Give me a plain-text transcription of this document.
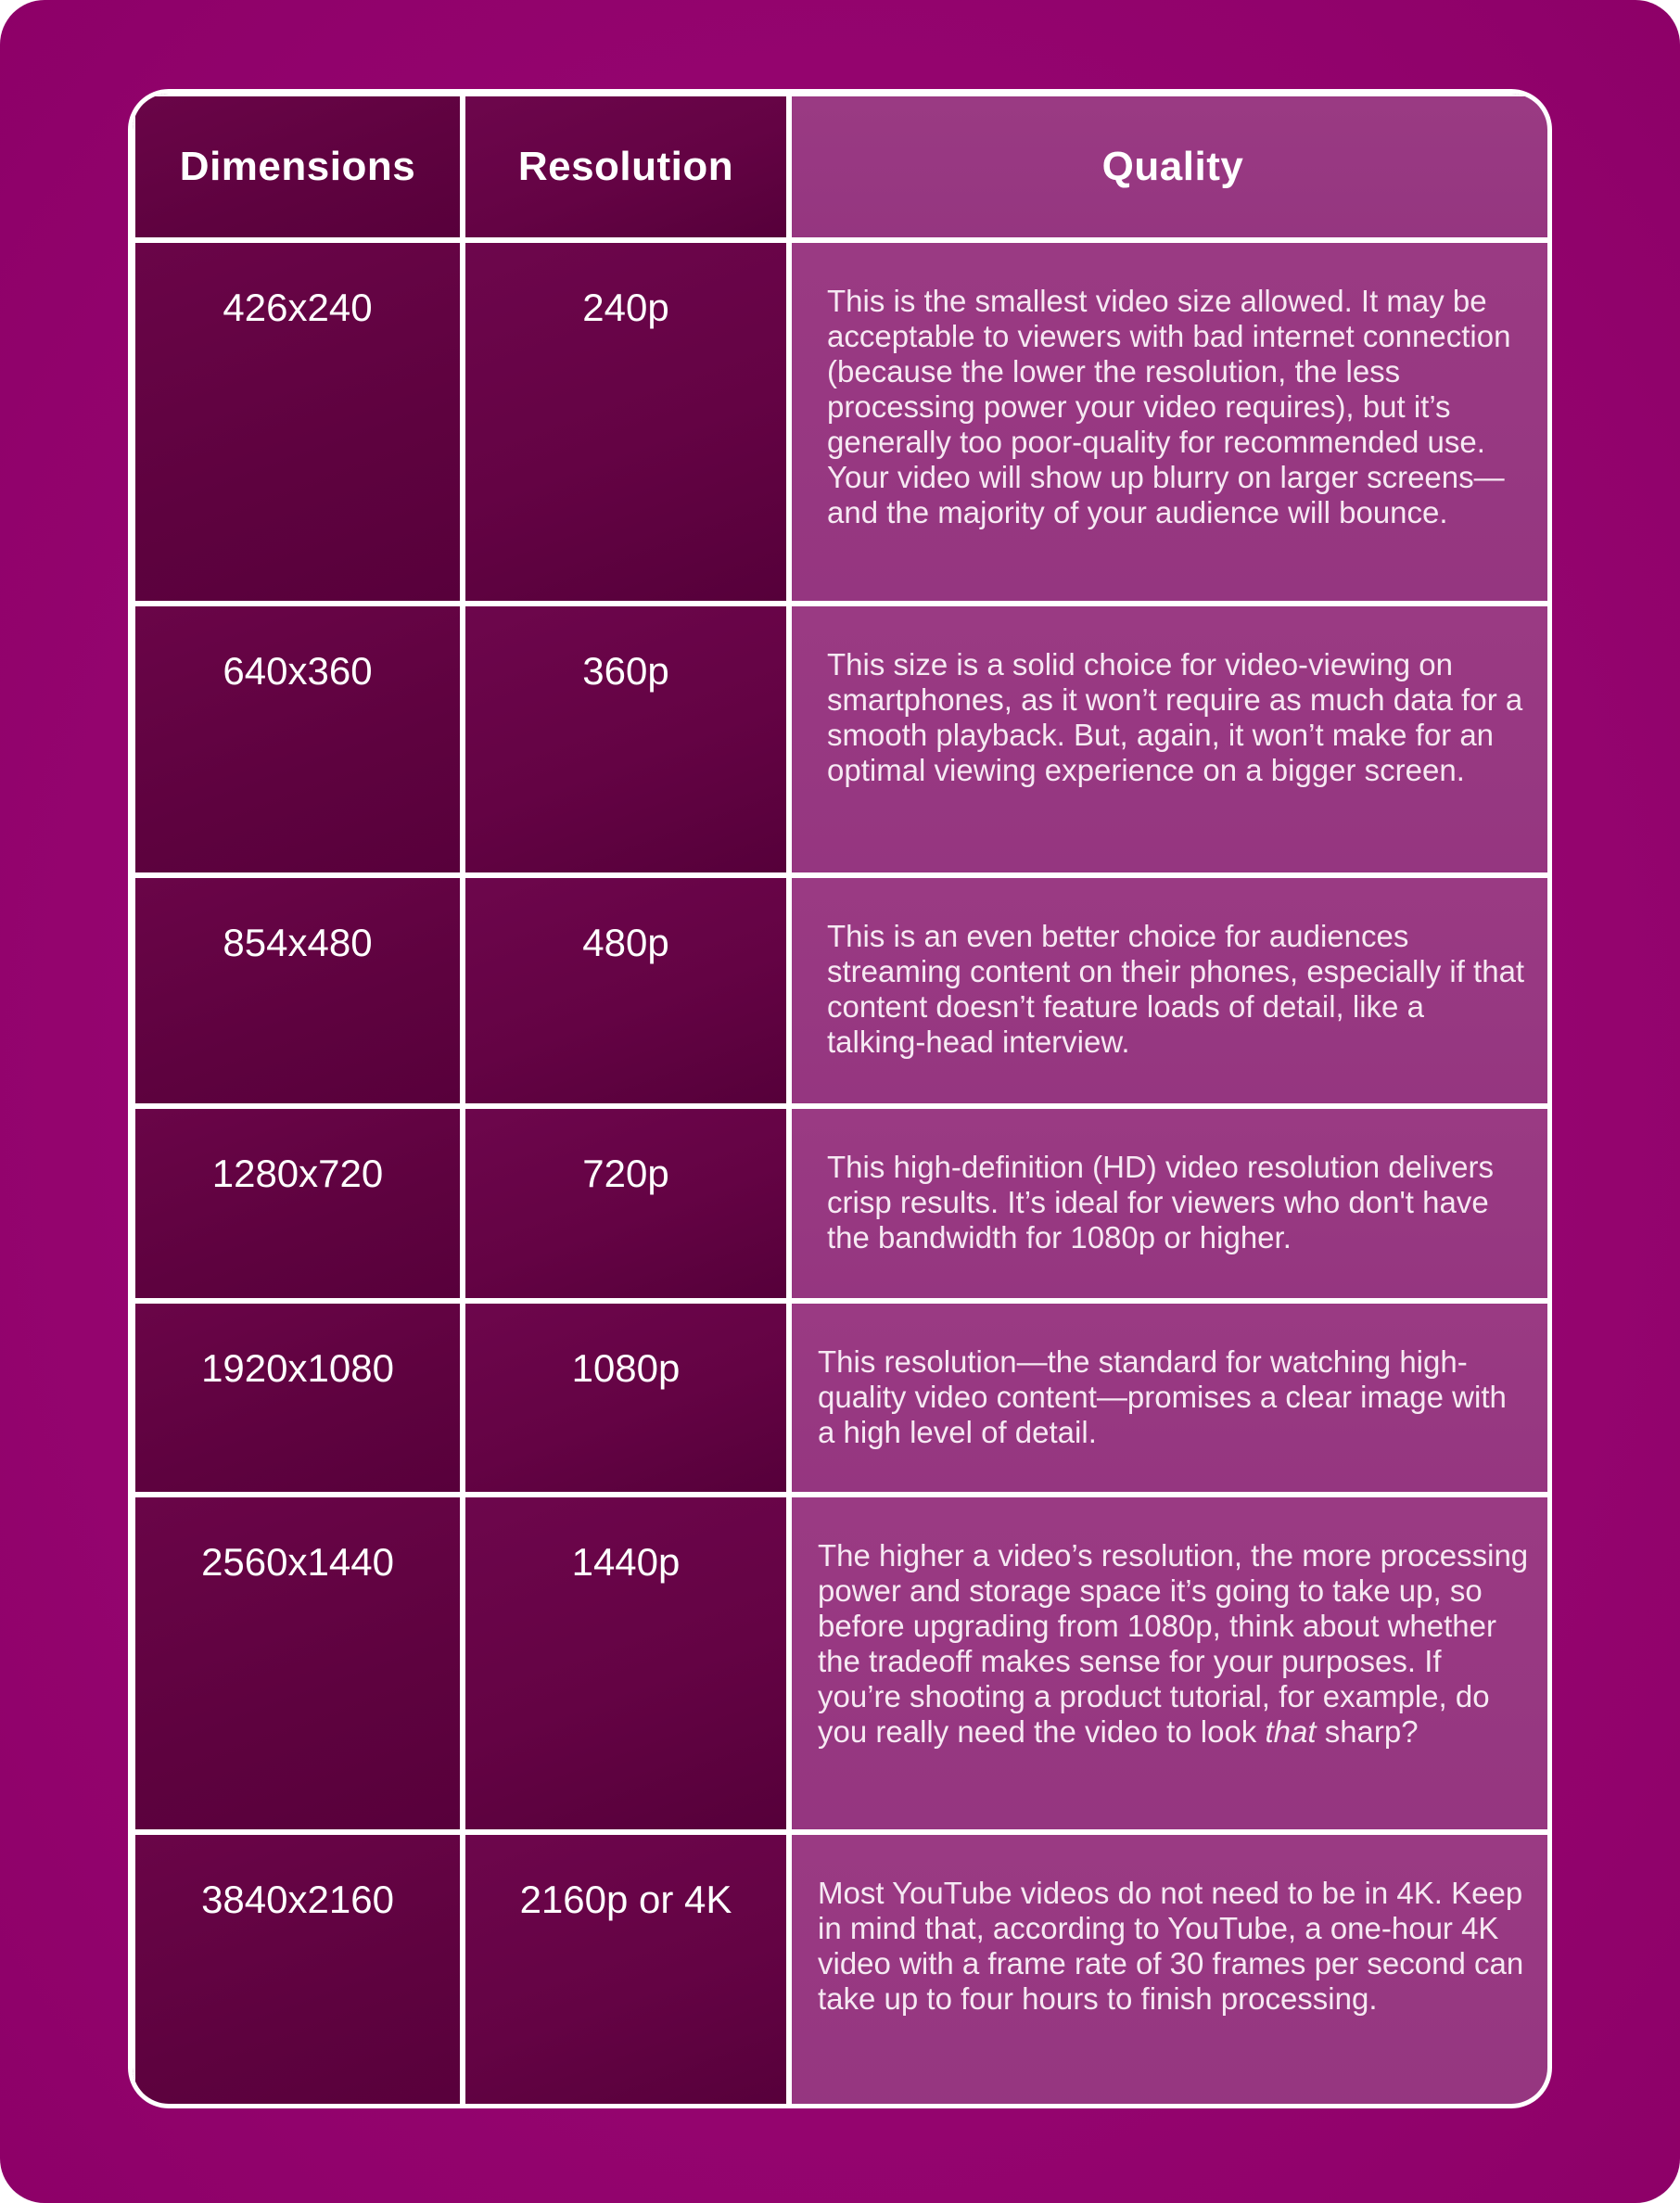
Dimensions	Resolution	Quality
426x240	240p	This is the smallest video size allowed. It may be acceptable to viewers with bad internet connection (because the lower the resolution, the less processing power your video requires), but it’s generally too poor-quality for recommended use. Your video will show up blurry on larger screens—and the majority of your audience will bounce.
640x360	360p	This size is a solid choice for video-viewing on smartphones, as it won’t require as much data for a smooth playback. But, again, it won’t make for an optimal viewing experience on a bigger screen.
854x480	480p	This is an even better choice for audiences streaming content on their phones, especially if that content doesn’t feature loads of detail, like a talking-head interview.
1280x720	720p	This high-definition (HD) video resolution delivers crisp results. It’s ideal for viewers who don't have the bandwidth for 1080p or higher.
1920x1080	1080p	This resolution—the standard for watching high-quality video content—promises a clear image with a high level of detail.
2560x1440	1440p	The higher a video’s resolution, the more processing power and storage space it’s going to take up, so before upgrading from 1080p, think about whether the tradeoff makes sense for your purposes. If you’re shooting a product tutorial, for example, do you really need the video to look that sharp?
3840x2160	2160p or 4K	Most YouTube videos do not need to be in 4K. Keep in mind that, according to YouTube, a one-hour 4K video with a frame rate of 30 frames per second can take up to four hours to finish processing.
